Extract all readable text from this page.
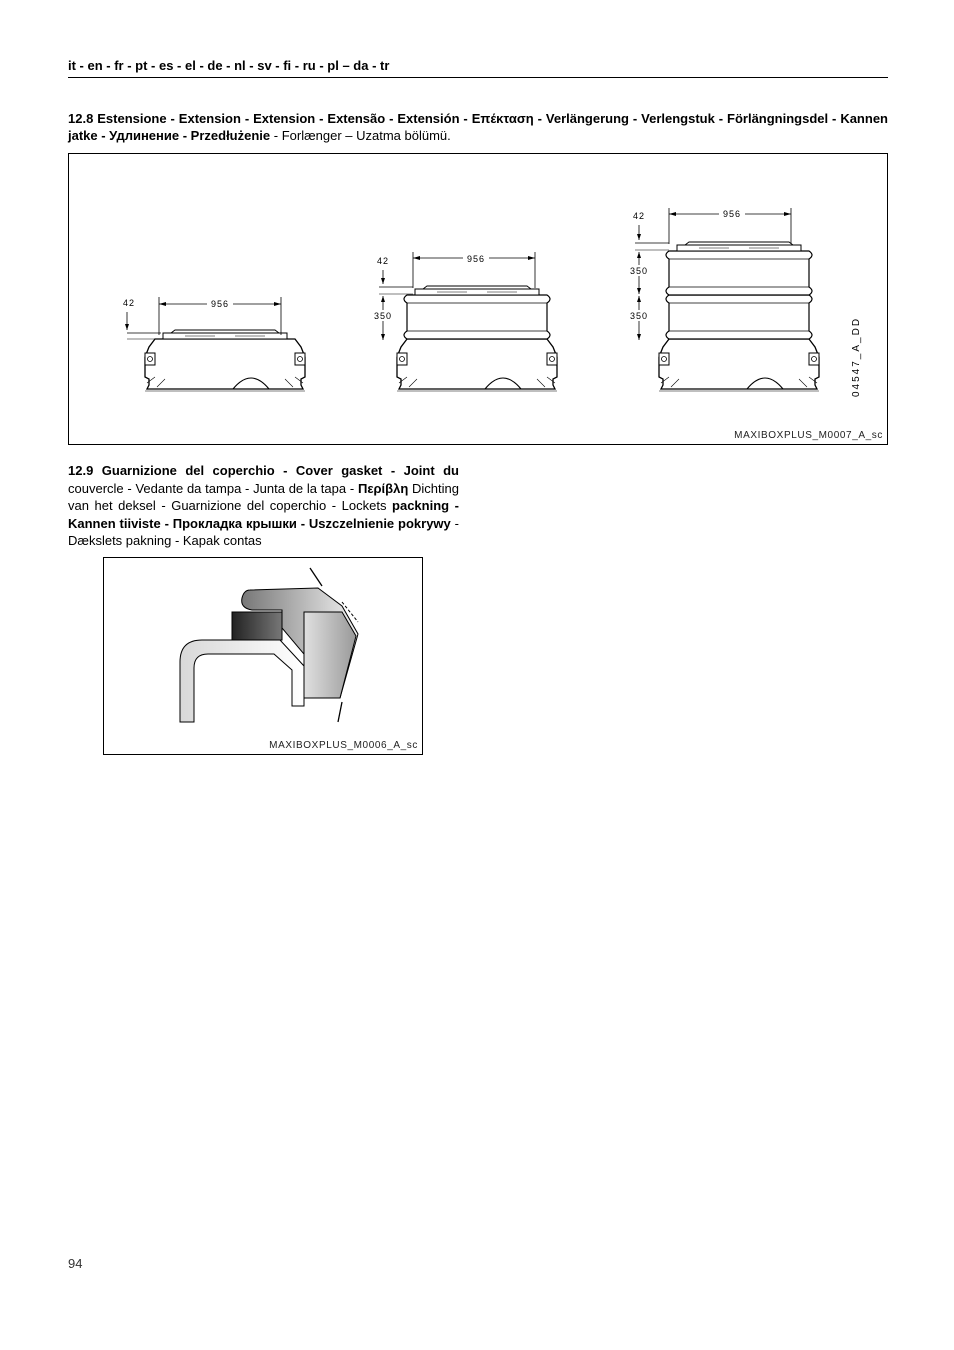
it - en - fr - pt - es - el - de - nl - sv - fi - ru - pl – da - tr
12.8 Estensione - Extension - Extension - Extensão - Extensión - Επέκταση - Verlängerung - Verlengstuk - Förlängningsdel - Kannen jatke - Удлинение - Przedłużenie - Forlænger – Uzatma bölümü.
956
42
956
42
350
956
42
350
350
04547_A_DD
MAXIBOXPLUS_M0007_A_sc
12.9 Guarnizione del coperchio - Cover gasket - Joint du couvercle - Vedante da tampa - Junta de la tapa - Περίβλη Dichting van het deksel - Guarnizione del coperchio - Lockets packning - Kannen tiiviste - Прокладка крышки - Uszczelnienie pokrywy - Dækslets pakning - Kapak contas
MAXIBOXPLUS_M0006_A_sc
94
